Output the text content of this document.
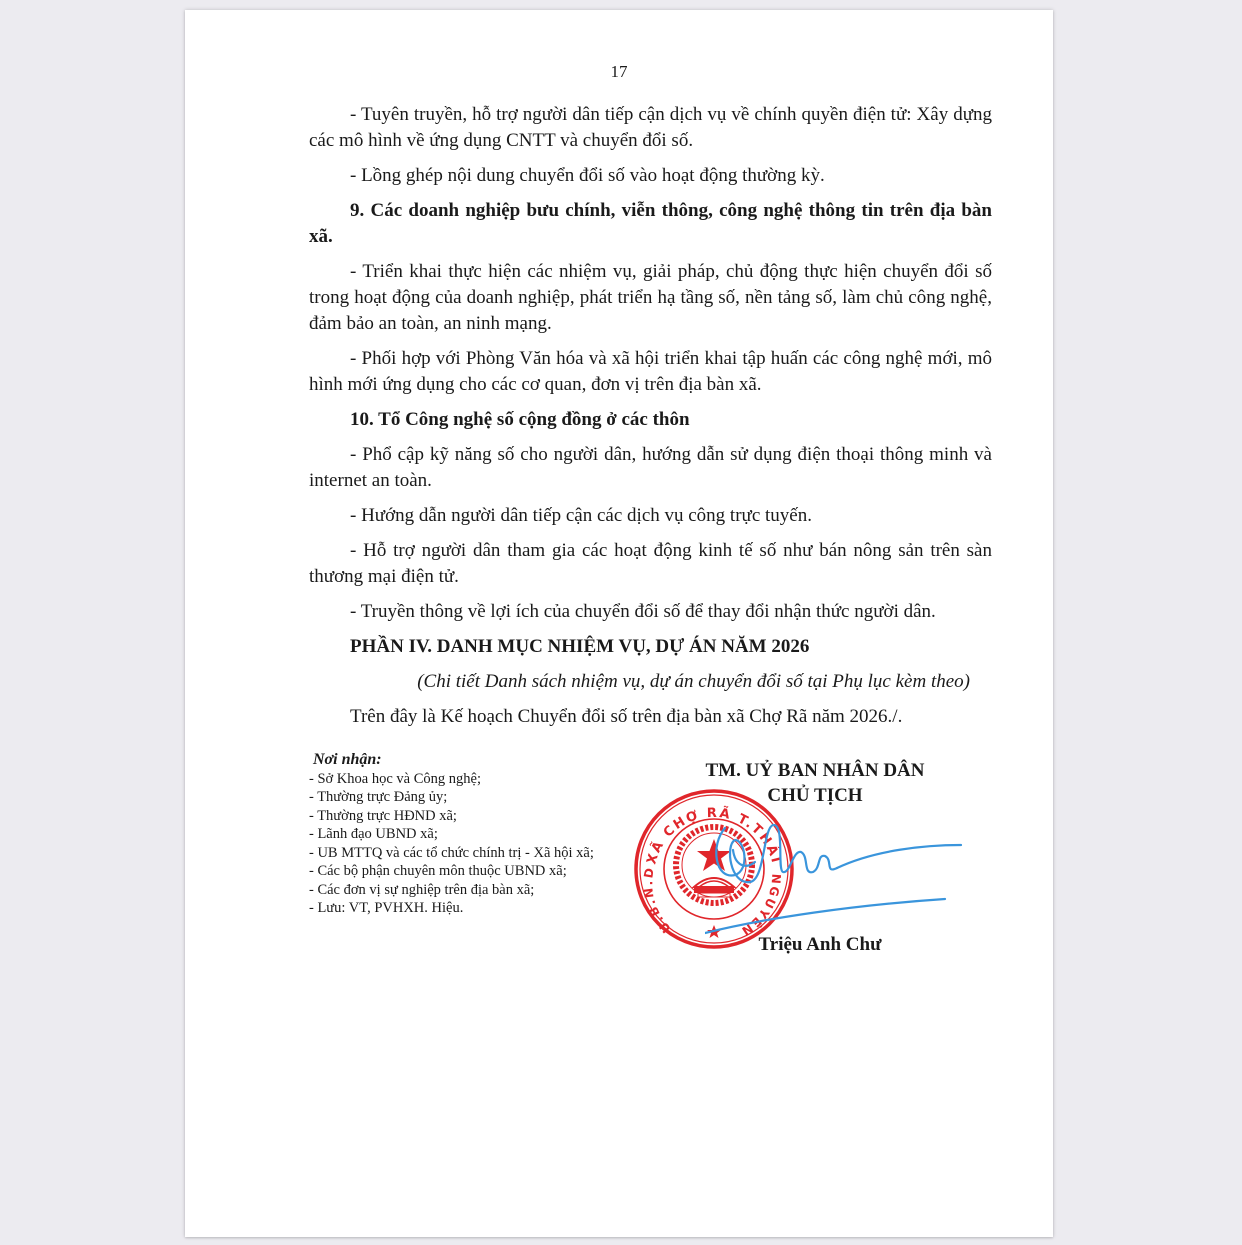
17

- Tuyên truyền, hỗ trợ người dân tiếp cận dịch vụ về chính quyền điện tử: Xây dựng các mô hình về ứng dụng CNTT và chuyển đổi số.

- Lồng ghép nội dung chuyển đổi số vào hoạt động thường kỳ.

9. Các doanh nghiệp bưu chính, viễn thông, công nghệ thông tin trên địa bàn xã.

- Triển khai thực hiện các nhiệm vụ, giải pháp, chủ động thực hiện chuyển đổi số trong hoạt động của doanh nghiệp, phát triển hạ tầng số, nền tảng số, làm chủ công nghệ, đảm bảo an toàn, an ninh mạng.

- Phối hợp với Phòng Văn hóa và xã hội triển khai tập huấn các công nghệ mới, mô hình mới ứng dụng cho các cơ quan, đơn vị trên địa bàn xã.

10. Tổ Công nghệ số cộng đồng ở các thôn

- Phổ cập kỹ năng số cho người dân, hướng dẫn sử dụng điện thoại thông minh và internet an toàn.

- Hướng dẫn người dân tiếp cận các dịch vụ công trực tuyến.

- Hỗ trợ người dân tham gia các hoạt động kinh tế số như bán nông sản trên sàn thương mại điện tử.

- Truyền thông về lợi ích của chuyển đổi số để thay đổi nhận thức người dân.

PHẦN IV. DANH MỤC NHIỆM VỤ, DỰ ÁN NĂM 2026

(Chi tiết Danh sách nhiệm vụ, dự án chuyển đổi số tại Phụ lục kèm theo)

Trên đây là Kế hoạch Chuyển đổi số trên địa bàn xã Chợ Rã năm 2026./.

Nơi nhận:
- Sở Khoa học và Công nghệ;
- Thường trực Đảng ủy;
- Thường trực HĐND xã;
- Lãnh đạo UBND xã;
- UB MTTQ và các tổ chức chính trị - Xã hội xã;
- Các bộ phận chuyên môn thuộc UBND xã;
- Các đơn vị sự nghiệp trên địa bàn xã;
- Lưu: VT, PVHXH. Hiệu.
TM. UỶ BAN NHÂN DÂN
CHỦ TỊCH
XÃ CHỢ RÃ T.THÁI
U.B.N.D
NGUYÊN
Triệu Anh Chư
